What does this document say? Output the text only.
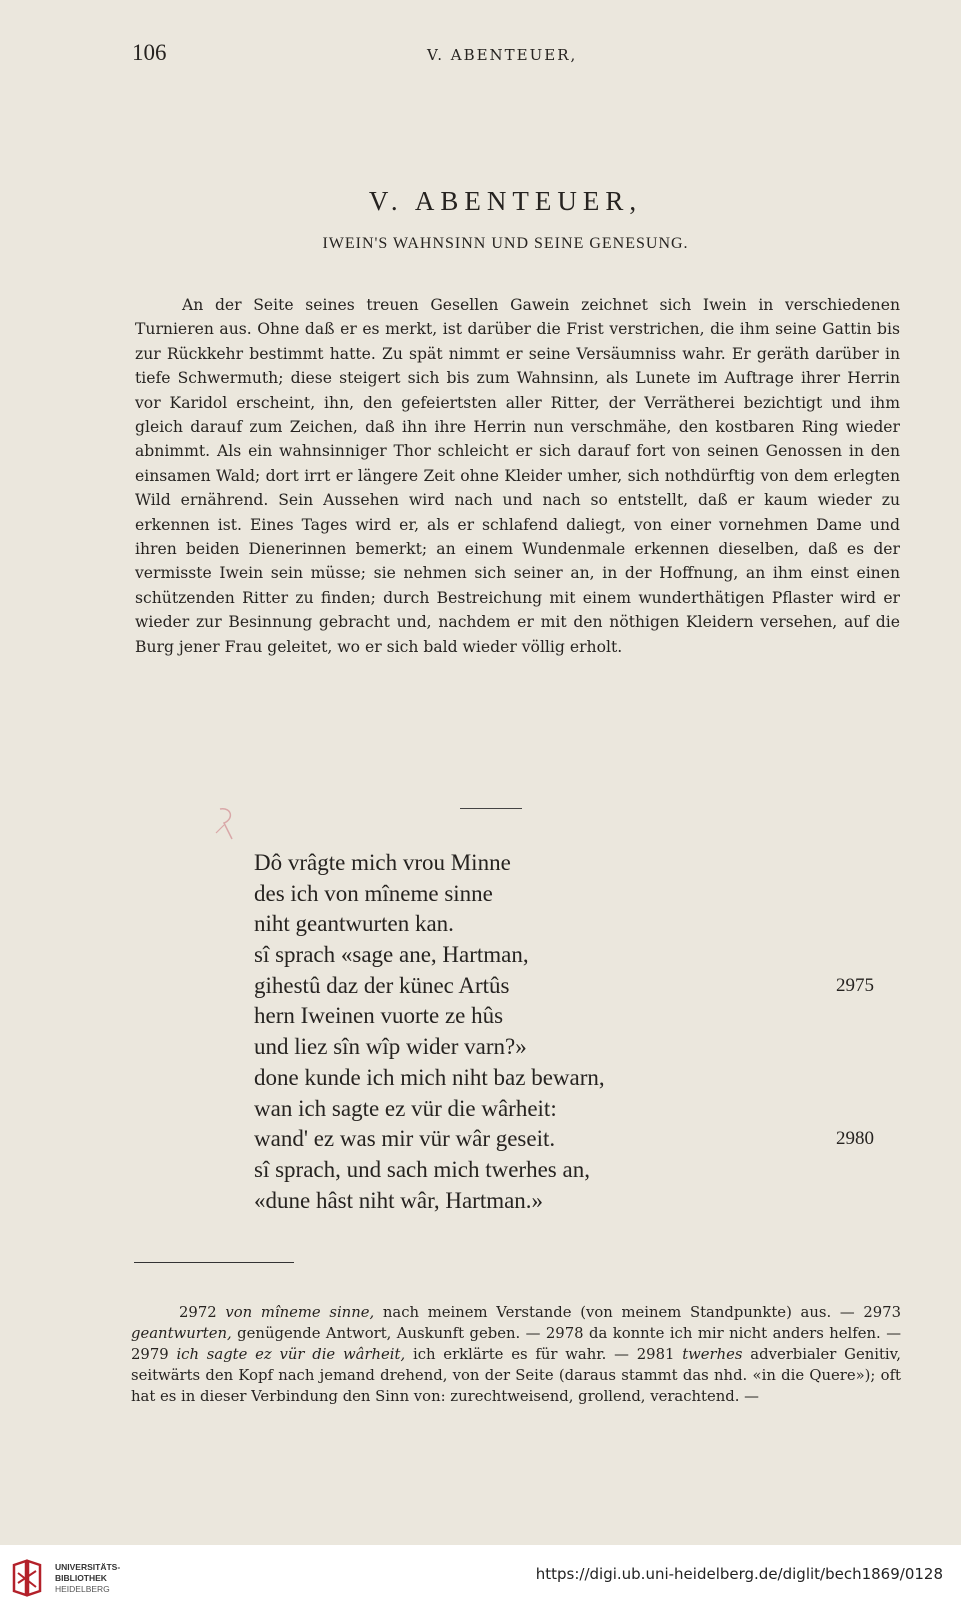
106	V. ABENTEUER,
V. ABENTEUER,
IWEIN'S WAHNSINN UND SEINE GENESUNG.

An der Seite seines treuen Gesellen Gawein zeichnet sich Iwein in verschiedenen Turnieren aus. Ohne daß er es merkt, ist darüber die Frist verstrichen, die ihm seine Gattin bis zur Rückkehr bestimmt hatte. Zu spät nimmt er seine Versäumniss wahr. Er geräth darüber in tiefe Schwermuth; diese steigert sich bis zum Wahnsinn, als Lunete im Auftrage ihrer Herrin vor Karidol erscheint, ihn, den gefeiertsten aller Ritter, der Verrätherei bezichtigt und ihm gleich darauf zum Zeichen, daß ihn ihre Herrin nun verschmähe, den kostbaren Ring wieder abnimmt. Als ein wahnsinniger Thor schleicht er sich darauf fort von seinen Genossen in den einsamen Wald; dort irrt er längere Zeit ohne Kleider umher, sich nothdürftig von dem erlegten Wild ernährend. Sein Aussehen wird nach und nach so entstellt, daß er kaum wieder zu erkennen ist. Eines Tages wird er, als er schlafend daliegt, von einer vornehmen Dame und ihren beiden Dienerinnen bemerkt; an einem Wundenmale erkennen dieselben, daß es der vermisste Iwein sein müsse; sie nehmen sich seiner an, in der Hoffnung, an ihm einst einen schützenden Ritter zu finden; durch Bestreichung mit einem wunderthätigen Pflaster wird er wieder zur Besinnung gebracht und, nachdem er mit den nöthigen Kleidern versehen, auf die Burg jener Frau geleitet, wo er sich bald wieder völlig erholt.

Dô vrâgte mich vrou Minne
des ich von mîneme sinne
niht geantwurten kan.
sî sprach «sage ane, Hartman,
gihestû daz der künec Artûs	2975
hern Iweinen vuorte ze hûs
und liez sîn wîp wider varn?»
done kunde ich mich niht baz bewarn,
wan ich sagte ez vür die wârheit:
wand' ez was mir vür wâr geseit.	2980
sî sprach, und sach mich twerhes an,
«dune hâst niht wâr, Hartman.»

2972 von mîneme sinne, nach meinem Verstande (von meinem Standpunkte) aus. — 2973 geantwurten, genügende Antwort, Auskunft geben. — 2978 da konnte ich mir nicht anders helfen. — 2979 ich sagte ez vür die wârheit, ich erklärte es für wahr. — 2981 twerhes adverbialer Genitiv, seitwärts den Kopf nach jemand drehend, von der Seite (daraus stammt das nhd. «in die Quere»); oft hat es in dieser Verbindung den Sinn von: zurechtweisend, grollend, verachtend. —

UNIVERSITÄTS-
BIBLIOTHEK
HEIDELBERG
https://digi.ub.uni-heidelberg.de/diglit/bech1869/0128
